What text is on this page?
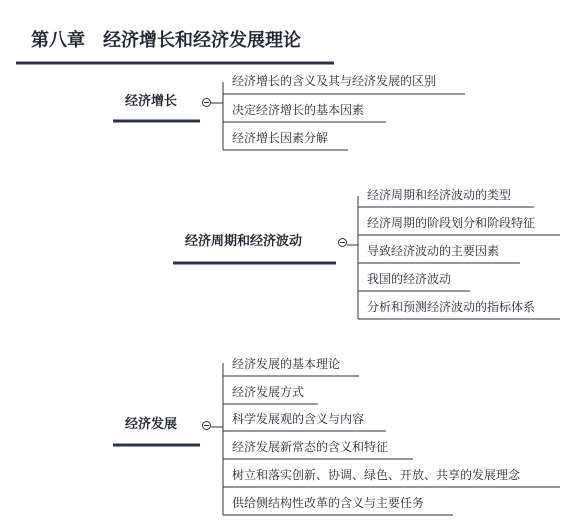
第八章　经济增长和经济发展理论
经济增长
经济增长的含义及其与经济发展的区别
决定经济增长的基本因素
经济增长因素分解
经济周期和经济波动
经济周期和经济波动的类型
经济周期的阶段划分和阶段特征
导致经济波动的主要因素
我国的经济波动
分析和预测经济波动的指标体系
经济发展
经济发展的基本理论
经济发展方式
科学发展观的含义与内容
经济发展新常态的含义和特征
树立和落实创新、协调、绿色、开放、共享的发展理念
供给侧结构性改革的含义与主要任务
